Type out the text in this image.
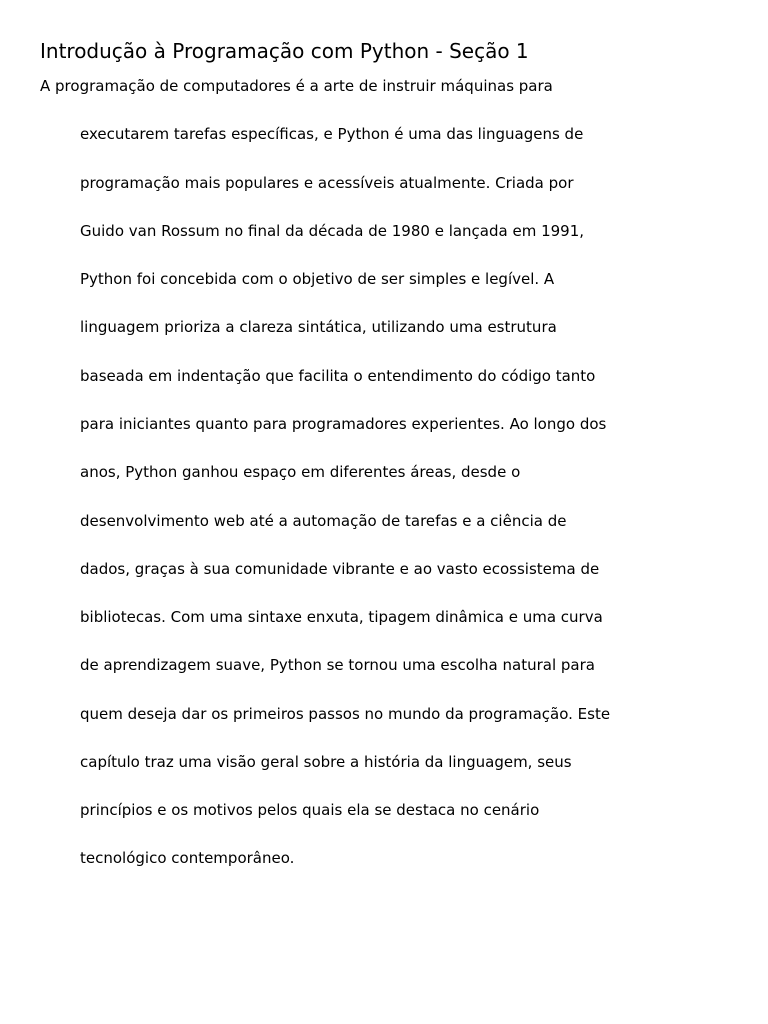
Introdução à Programação com Python - Seção 1

A programação de computadores é a arte de instruir máquinas para

executarem tarefas específicas, e Python é uma das linguagens de

programação mais populares e acessíveis atualmente. Criada por

Guido van Rossum no final da década de 1980 e lançada em 1991,

Python foi concebida com o objetivo de ser simples e legível. A

linguagem prioriza a clareza sintática, utilizando uma estrutura

baseada em indentação que facilita o entendimento do código tanto

para iniciantes quanto para programadores experientes. Ao longo dos

anos, Python ganhou espaço em diferentes áreas, desde o

desenvolvimento web até a automação de tarefas e a ciência de

dados, graças à sua comunidade vibrante e ao vasto ecossistema de

bibliotecas. Com uma sintaxe enxuta, tipagem dinâmica e uma curva

de aprendizagem suave, Python se tornou uma escolha natural para

quem deseja dar os primeiros passos no mundo da programação. Este

capítulo traz uma visão geral sobre a história da linguagem, seus

princípios e os motivos pelos quais ela se destaca no cenário

tecnológico contemporâneo.
